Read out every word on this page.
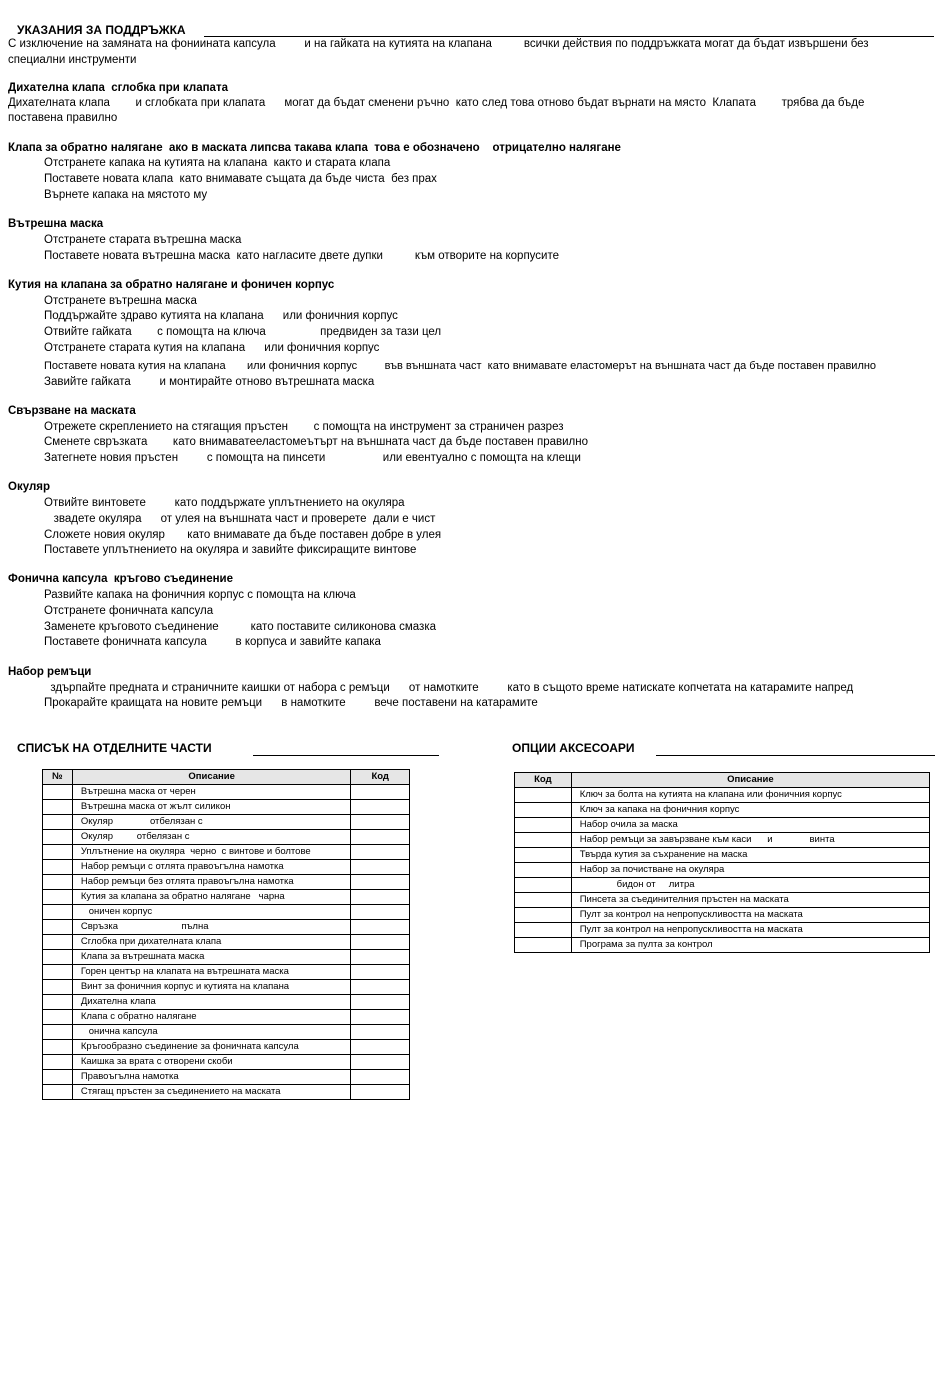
УКАЗАНИЯ ЗА ПОДДРЪЖКА
С изключение на замяната на фониината капсула         и на гайката на кутията на клапана          всички действия по поддръжката могат да бъдат извършени без
специални инструменти
Дихателна клапа  сглобка при клапата
Дихателната клапа        и сглобката при клапата      могат да бъдат сменени ръчно  като след това отново бъдат върнати на място  Клапата        трябва да бъде
поставена правилно
Клапа за обратно налягане  ако в маската липсва такава клапа  това е обозначено    отрицателно налягане
Отстранете капака на кутията на клапана  както и старата клапа
Поставете новата клапа  като внимавате същата да бъде чиста  без прах
Върнете капака на мястото му
Вътрешна маска
Отстранете старата вътрешна маска
Поставете новата вътрешна маска  като нагласите двете дупки          към отворите на корпусите
Кутия на клапана за обратно налягане и фоничен корпус
Отстранете вътрешна маска
Поддържайте здраво кутията на клапана      или фоничния корпус
Отвийте гайката        с помощта на ключа                 предвиден за тази цел
Отстранете старата кутия на клапана      или фоничния корпус
Поставете новата кутия на клапана       или фоничния корпус         във външната част  като внимавате еластомерът на външната част да бъде поставен правилно
Завийте гайката         и монтирайте отново вътрешната маска
Свързване на маската
Отрежете скреплението на стягащия пръстен        с помощта на инструмент за страничен разрез
Сменете свръзката        като внимаватееластомеътърт на външната част да бъде поставен правилно
Затегнете новия пръстен         с помощта на пинсети                  или евентуално с помощта на клещи
Окуляр
Отвийте винтовете         като поддържате уплътнението на окуляра
звадете окуляра      от улея на външната част и проверете  дали е чист
Сложете новия окуляр       като внимавате да бъде поставен добре в улея
Поставете уплътнението на окуляра и завийте фиксиращите винтове
Фонична капсула  кръгово съединение
Развийте капака на фоничния корпус с помощта на ключа
Отстранете фоничната капсула
Заменете кръговото съединение          като поставите силиконова смазка
Поставете фоничната капсула         в корпуса и завийте капака
Набор ремъци
здърпайте предната и страничните каишки от набора с ремъци      от намотките         като в същото време натискате копчетата на катарамите напред
Прокарайте краищата на новите ремъци      в намотките         вече поставени на катарамите
СПИСЪК НА ОТДЕЛНИТЕ ЧАСТИ
№	Описание	Код
	Вътрешна маска от черен	
	Вътрешна маска от жълт силикон	
	Окуляр              отбелязан с	
	Окуляр         отбелязан с	
	Уплътнение на окуляра  черно  с винтове и болтове	
	Набор ремъци с отлята правоъгълна намотка	
	Набор ремъци без отлята правоъгълна намотка	
	Кутия за клапана за обратно налягане   чарна	
	оничен корпус	
	Свръзка                        пълна	
	Сглобка при дихателната клапа	
	Клапа за вътрешната маска	
	Горен център на клапата на вътрешната маска	
	Винт за фоничния корпус и кутията на клапана	
	Дихателна клапа	
	Клапа с обратно налягане	
	онична капсула	
	Кръгообразно съединение за фоничната капсула	
	Каишка за врата с отворени скоби	
	Правоъгълна намотка	
	Стягащ пръстен за съединението на маската	
ОПЦИИ АКСЕСОАРИ
Код	Описание
	Ключ за болта на кутията на клапана или фоничния корпус
	Ключ за капака на фоничния корпус
	Набор очила за маска
	Набор ремъци за завързване към каси      и              винта
	Твърда кутия за съхранение на маска
	Набор за почистване на окуляра
	бидон от     литра
	Пинсета за съединителния пръстен на маската
	Пулт за контрол на непропускливостта на маската
	Пулт за контрол на непропускливостта на маската
	Програма за пулта за контрол
